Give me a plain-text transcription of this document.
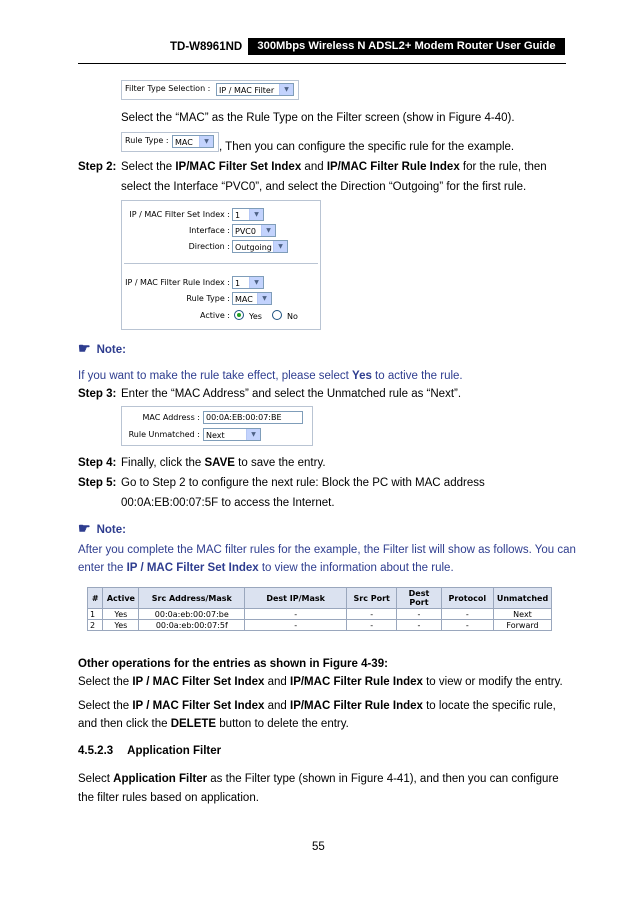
TD-W8961ND	300Mbps Wireless N ADSL2+ Modem Router User Guide
Filter Type Selection :	IP / MAC Filter	▼
Select the “MAC” as the Rule Type on the Filter screen (show in Figure 4-40).
Rule Type : MAC	▼ , Then you can configure the specific rule for the example.
Step 2: Select the IP/MAC Filter Set Index and IP/MAC Filter Rule Index for the rule, then
select the Interface “PVC0”, and select the Direction “Outgoing” for the first rule.
IP / MAC Filter Set Index : 1	▼
Interface : PVC0	▼
Direction : Outgoing	▼
IP / MAC Filter Rule Index : 1	▼
Rule Type : MAC	▼
Active : Yes	No
☛ Note:
If you want to make the rule take effect, please select Yes to active the rule.
Step 3: Enter the “MAC Address” and select the Unmatched rule as “Next”.
MAC Address : 00:0A:EB:00:07:BE
Rule Unmatched : Next	▼
Step 4: Finally, click the SAVE to save the entry.
Step 5: Go to Step 2 to configure the next rule: Block the PC with MAC address
00:0A:EB:00:07:5F to access the Internet.
☛ Note:
After you complete the MAC filter rules for the example, the Filter list will show as follows. You can
enter the IP / MAC Filter Set Index to view the information about the rule.
#	Active	Src Address/Mask	Dest IP/Mask	Src Port	Dest Port	Protocol	Unmatched
1	Yes	00:0a:eb:00:07:be	-	-	-	-	Next
2	Yes	00:0a:eb:00:07:5f	-	-	-	-	Forward
Other operations for the entries as shown in Figure 4-39:
Select the IP / MAC Filter Set Index and IP/MAC Filter Rule Index to view or modify the entry.
Select the IP / MAC Filter Set Index and IP/MAC Filter Rule Index to locate the specific rule,
and then click the DELETE button to delete the entry.
4.5.2.3 Application Filter
Select Application Filter as the Filter type (shown in Figure 4-41), and then you can configure
the filter rules based on application.
55
